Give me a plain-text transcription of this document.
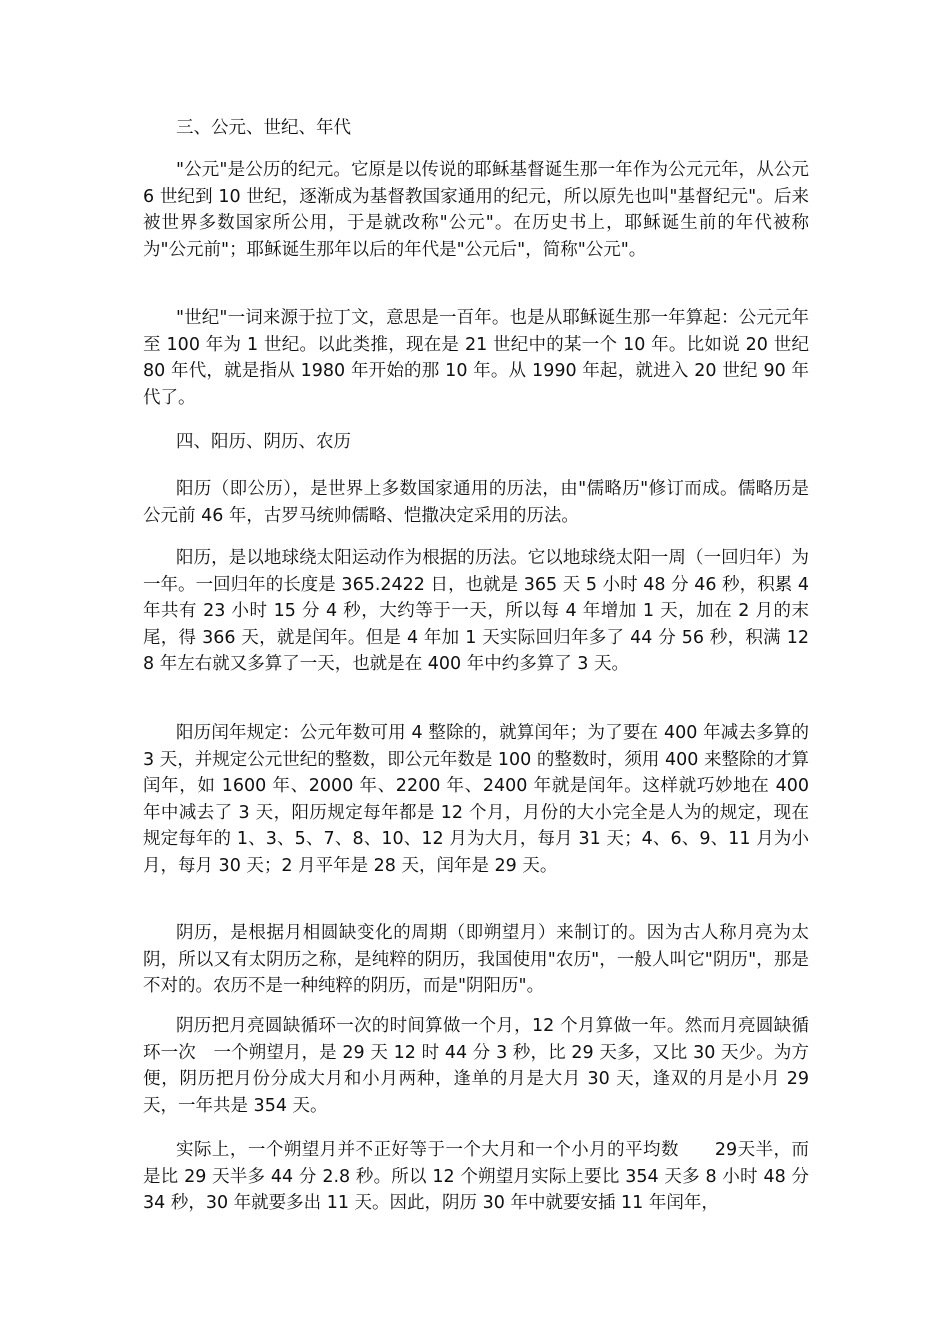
三、公元、世纪、年代
"公元"是公历的纪元。它原是以传说的耶稣基督诞生那一年作为公元元年，从公元 6 世纪到 10 世纪，逐渐成为基督教国家通用的纪元，所以原先也叫"基督纪元"。后来被世界多数国家所公用，于是就改称"公元"。在历史书上，耶稣诞生前的年代被称为"公元前"；耶稣诞生那年以后的年代是"公元后"，简称"公元"。
"世纪"一词来源于拉丁文，意思是一百年。也是从耶稣诞生那一年算起：公元元年至 100 年为 1 世纪。以此类推，现在是 21 世纪中的某一个 10 年。比如说 20 世纪 80 年代，就是指从 1980 年开始的那 10 年。从 1990 年起，就进入 20 世纪 90 年代了。
四、阳历、阴历、农历
阳历（即公历），是世界上多数国家通用的历法，由"儒略历"修订而成。儒略历是公元前 46 年，古罗马统帅儒略、恺撒决定采用的历法。
阳历，是以地球绕太阳运动作为根据的历法。它以地球绕太阳一周（一回归年）为一年。一回归年的长度是 365.2422 日，也就是 365 天 5 小时 48 分 46 秒，积累 4 年共有 23 小时 15 分 4 秒，大约等于一天，所以每 4 年增加 1 天，加在 2 月的末尾，得 366 天，就是闰年。但是 4 年加 1 天实际回归年多了 44 分 56 秒，积满 128 年左右就又多算了一天，也就是在 400 年中约多算了 3 天。
阳历闰年规定：公元年数可用 4 整除的，就算闰年；为了要在 400 年减去多算的 3 天，并规定公元世纪的整数，即公元年数是 100 的整数时，须用 400 来整除的才算闰年，如 1600 年、2000 年、2200 年、2400 年就是闰年。这样就巧妙地在 400 年中减去了 3 天，阳历规定每年都是 12 个月，月份的大小完全是人为的规定，现在规定每年的 1、3、5、7、8、10、12 月为大月，每月 31 天；4、6、9、11 月为小月，每月 30 天；2 月平年是 28 天，闰年是 29 天。
阴历，是根据月相圆缺变化的周期（即朔望月）来制订的。因为古人称月亮为太阴，所以又有太阴历之称，是纯粹的阴历，我国使用"农历"，一般人叫它"阴历"，那是不对的。农历不是一种纯粹的阴历，而是"阴阳历"。
阴历把月亮圆缺循环一次的时间算做一个月，12 个月算做一年。然而月亮圆缺循环一次　一个朔望月，是 29 天 12 时 44 分 3 秒，比 29 天多，又比 30 天少。为方便，阴历把月份分成大月和小月两种，逢单的月是大月 30 天，逢双的月是小月 29 天，一年共是 354 天。
实际上，一个朔望月并不正好等于一个大月和一个小月的平均数　　29天半，而是比 29 天半多 44 分 2.8 秒。所以 12 个朔望月实际上要比 354 天多 8 小时 48 分 34 秒，30 年就要多出 11 天。因此，阴历 30 年中就要安插 11 年闰年，
